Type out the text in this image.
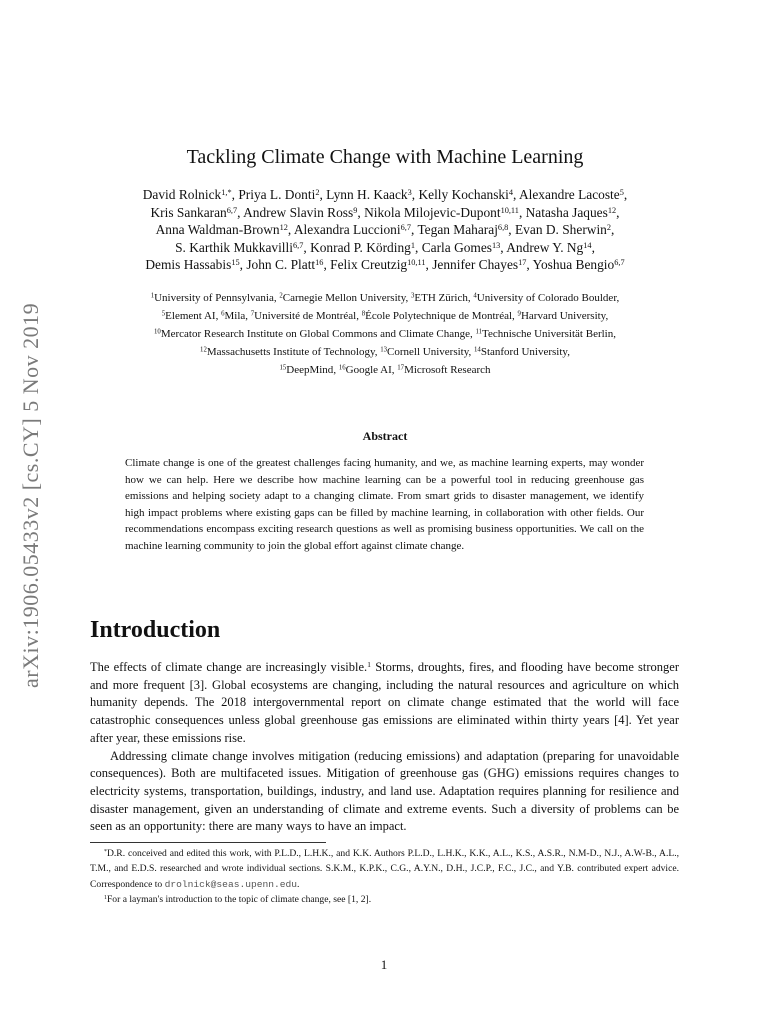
arXiv:1906.05433v2 [cs.CY] 5 Nov 2019
Tackling Climate Change with Machine Learning
David Rolnick$^{1,*}$, Priya L. Donti$^2$, Lynn H. Kaack$^3$, Kelly Kochanski$^4$, Alexandre Lacoste$^5$,
Kris Sankaran$^{6,7}$, Andrew Slavin Ross$^9$, Nikola Milojevic-Dupont$^{10,11}$, Natasha Jaques$^{12}$,
Anna Waldman-Brown$^{12}$, Alexandra Luccioni$^{6,7}$, Tegan Maharaj$^{6,8}$, Evan D. Sherwin$^2$,
S. Karthik Mukkavilli$^{6,7}$, Konrad P. Körding$^1$, Carla Gomes$^{13}$, Andrew Y. Ng$^{14}$,
Demis Hassabis$^{15}$, John C. Platt$^{16}$, Felix Creutzig$^{10,11}$, Jennifer Chayes$^{17}$, Yoshua Bengio$^{6,7}$
$^1$University of Pennsylvania, $^2$Carnegie Mellon University, $^3$ETH Zürich, $^4$University of Colorado Boulder,
$^5$Element AI, $^6$Mila, $^7$Université de Montréal, $^8$École Polytechnique de Montréal, $^9$Harvard University,
$^{10}$Mercator Research Institute on Global Commons and Climate Change, $^{11}$Technische Universität Berlin,
$^{12}$Massachusetts Institute of Technology, $^{13}$Cornell University, $^{14}$Stanford University,
$^{15}$DeepMind, $^{16}$Google AI, $^{17}$Microsoft Research
Abstract

Climate change is one of the greatest challenges facing humanity, and we, as machine learning experts, may wonder how we can help. Here we describe how machine learning can be a powerful tool in reducing greenhouse gas emissions and helping society adapt to a changing climate. From smart grids to disaster management, we identify high impact problems where existing gaps can be filled by machine learning, in collaboration with other fields. Our recommendations encompass exciting research questions as well as promising business opportunities. We call on the machine learning community to join the global effort against climate change.

Introduction

The effects of climate change are increasingly visible.$^1$ Storms, droughts, fires, and flooding have become stronger and more frequent [3]. Global ecosystems are changing, including the natural resources and agriculture on which humanity depends. The 2018 intergovernmental report on climate change estimated that the world will face catastrophic consequences unless global greenhouse gas emissions are eliminated within thirty years [4]. Yet year after year, these emissions rise.

Addressing climate change involves mitigation (reducing emissions) and adaptation (preparing for unavoidable consequences). Both are multifaceted issues. Mitigation of greenhouse gas (GHG) emissions requires changes to electricity systems, transportation, buildings, industry, and land use. Adaptation requires planning for resilience and disaster management, given an understanding of climate and extreme events. Such a diversity of problems can be seen as an opportunity: there are many ways to have an impact.

*D.R. conceived and edited this work, with P.L.D., L.H.K., and K.K. Authors P.L.D., L.H.K., K.K., A.L., K.S., A.S.R., N.M-D., N.J., A.W-B., A.L., T.M., and E.D.S. researched and wrote individual sections. S.K.M., K.P.K., C.G., A.Y.N., D.H., J.C.P., F.C., J.C., and Y.B. contributed expert advice. Correspondence to drolnick@seas.upenn.edu.

$^1$For a layman's introduction to the topic of climate change, see [1, 2].

1
